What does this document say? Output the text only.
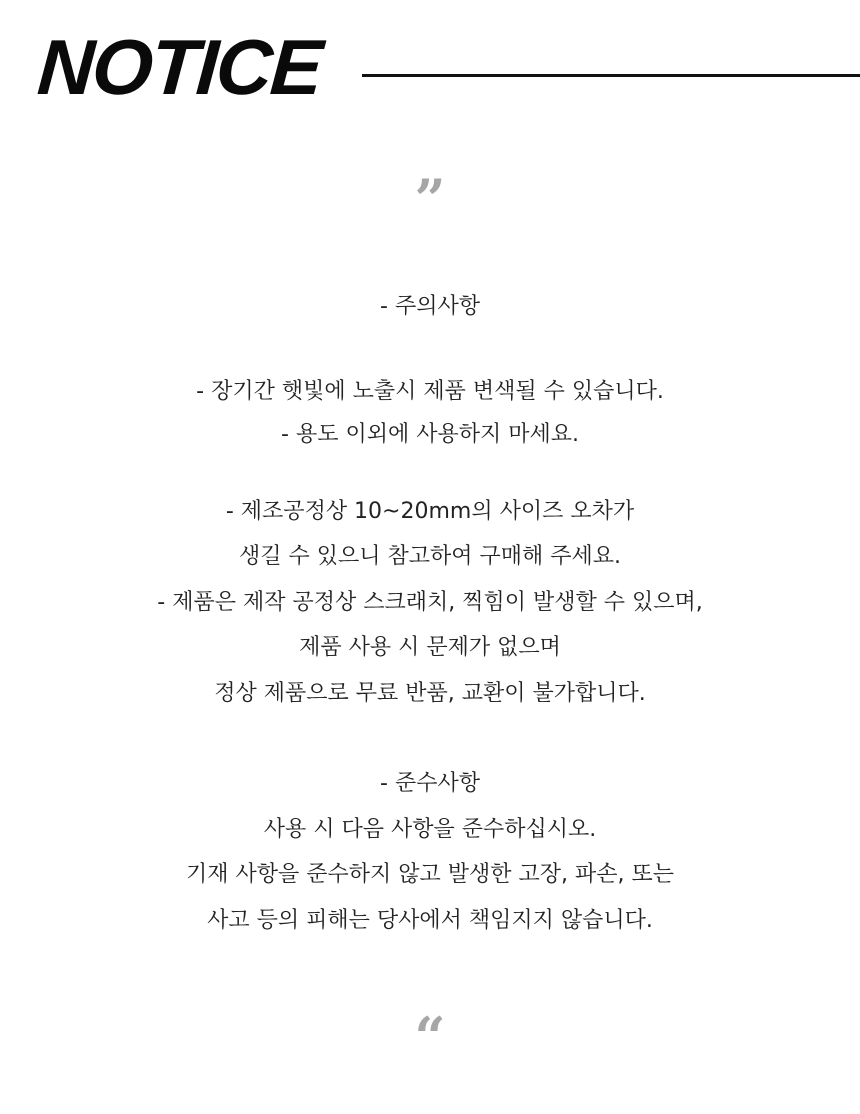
NOTICE
”
- 주의사항
- 장기간 햇빛에 노출시 제품 변색될 수 있습니다.
- 용도 이외에 사용하지 마세요.
- 제조공정상 10~20mm의 사이즈 오차가
생길 수 있으니 참고하여 구매해 주세요.
- 제품은 제작 공정상 스크래치, 찍힘이 발생할 수 있으며,
제품 사용 시 문제가 없으며
정상 제품으로 무료 반품, 교환이 불가합니다.
- 준수사항
사용 시 다음 사항을 준수하십시오.
기재 사항을 준수하지 않고 발생한 고장, 파손, 또는
사고 등의 피해는 당사에서 책임지지 않습니다.
“
